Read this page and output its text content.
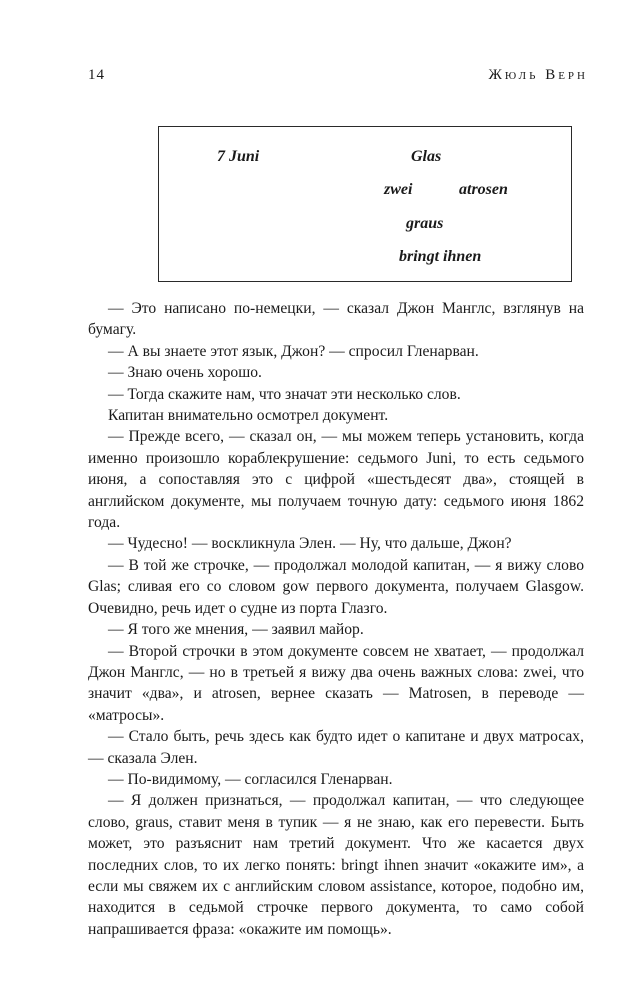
14	Жюль Верн
7 Juni	Glas
zwei	atrosen
graus
bringt ihnen

— Это написано по-немецки, — сказал Джон Манглс, взглянув на бумагу.

— А вы знаете этот язык, Джон? — спросил Гленарван.

— Знаю очень хорошо.

— Тогда скажите нам, что значат эти несколько слов.

Капитан внимательно осмотрел документ.

— Прежде всего, — сказал он, — мы можем теперь установить, когда именно произошло кораблекрушение: седьмого Juni, то есть седьмого июня, а сопоставляя это с цифрой «шестьдесят два», стоящей в английском документе, мы получаем точную дату: седьмого июня 1862 года.

— Чудесно! — воскликнула Элен. — Ну, что дальше, Джон?

— В той же строчке, — продолжал молодой капитан, — я вижу слово Glas; сливая его со словом gow первого документа, получаем Glasgow. Очевидно, речь идет о судне из порта Глазго.

— Я того же мнения, — заявил майор.

— Второй строчки в этом документе совсем не хватает, — продолжал Джон Манглс, — но в третьей я вижу два очень важных слова: zwei, что значит «два», и atrosen, вернее сказать — Matrosen, в переводе — «матросы».

— Стало быть, речь здесь как будто идет о капитане и двух матросах, — сказала Элен.

— По-видимому, — согласился Гленарван.

— Я должен признаться, — продолжал капитан, — что следующее слово, graus, ставит меня в тупик — я не знаю, как его перевести. Быть может, это разъяснит нам третий документ. Что же касается двух последних слов, то их легко понять: bringt ihnen значит «окажите им», а если мы свяжем их с английским словом assistance, которое, подобно им, находится в седьмой строчке первого документа, то само собой напрашивается фраза: «окажите им помощь».
